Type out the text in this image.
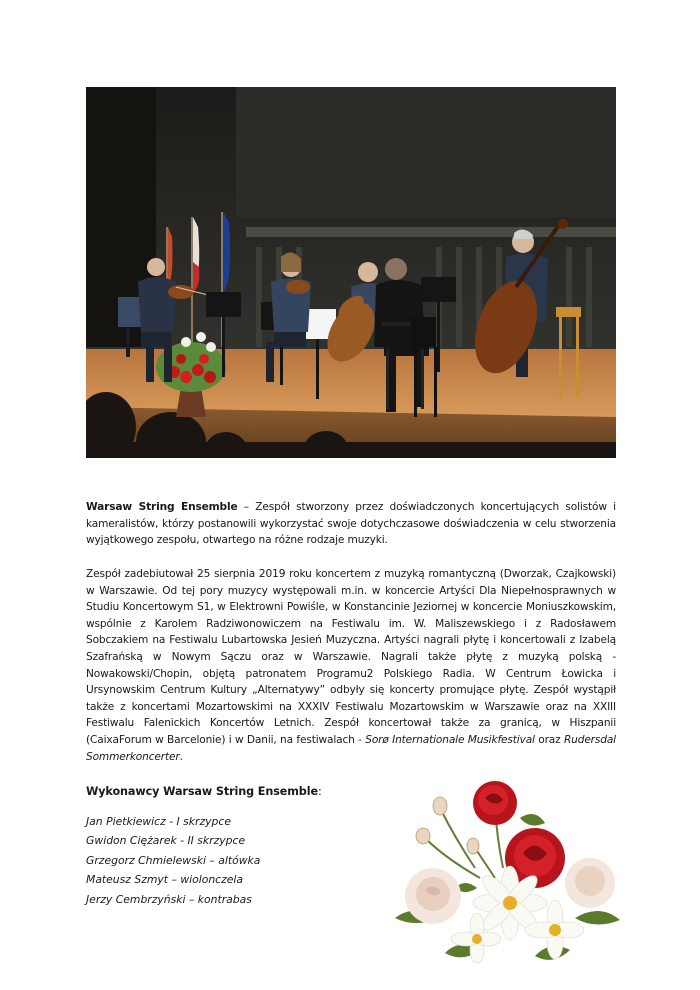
Warsaw String Ensemble – Zespół stworzony przez doświadczonych koncertujących solistów i kameralistów, którzy postanowili wykorzystać swoje dotychczasowe doświadczenia w celu stworzenia wyjątkowego zespołu, otwartego na różne rodzaje muzyki.

Zespół zadebiutował 25 sierpnia 2019 roku koncertem z muzyką romantyczną (Dworzak, Czajkowski) w Warszawie. Od tej pory muzycy występowali m.in. w koncercie Artyści Dla Niepełnosprawnych w Studiu Koncertowym S1, w Elektrowni Powiśle, w Konstancinie Jeziornej w koncercie Moniuszkowskim, wspólnie z Karolem Radziwonowiczem na Festiwalu im. W. Maliszewskiego i z Radosławem Sobczakiem na Festiwalu Lubartowska Jesień Muzyczna. Artyści nagrali płytę i koncertowali z Izabelą Szafrańską w Nowym Sączu oraz w Warszawie. Nagrali także płytę z muzyką polską - Nowakowski/Chopin, objętą patronatem Programu2 Polskiego Radia. W Centrum Łowicka i Ursynowskim Centrum Kultury „Alternatywy” odbyły się koncerty promujące płytę. Zespół wystąpił także z koncertami Mozartowskimi na XXXIV Festiwalu Mozartowskim w Warszawie oraz na XXIII Festiwalu Falenickich Koncertów Letnich. Zespół koncertował także za granicą, w Hiszpanii (CaixaForum w Barcelonie) i w Danii, na festiwalach - Sorø Internationale Musikfestival oraz Rudersdal Sommerkoncerter.

Wykonawcy Warsaw String Ensemble:
Jan Pietkiewicz - I skrzypce
Gwidon Ciężarek - II skrzypce
Grzegorz Chmielewski – altówka
Mateusz Szmyt – wiolonczela
Jerzy Cembrzyński – kontrabas
